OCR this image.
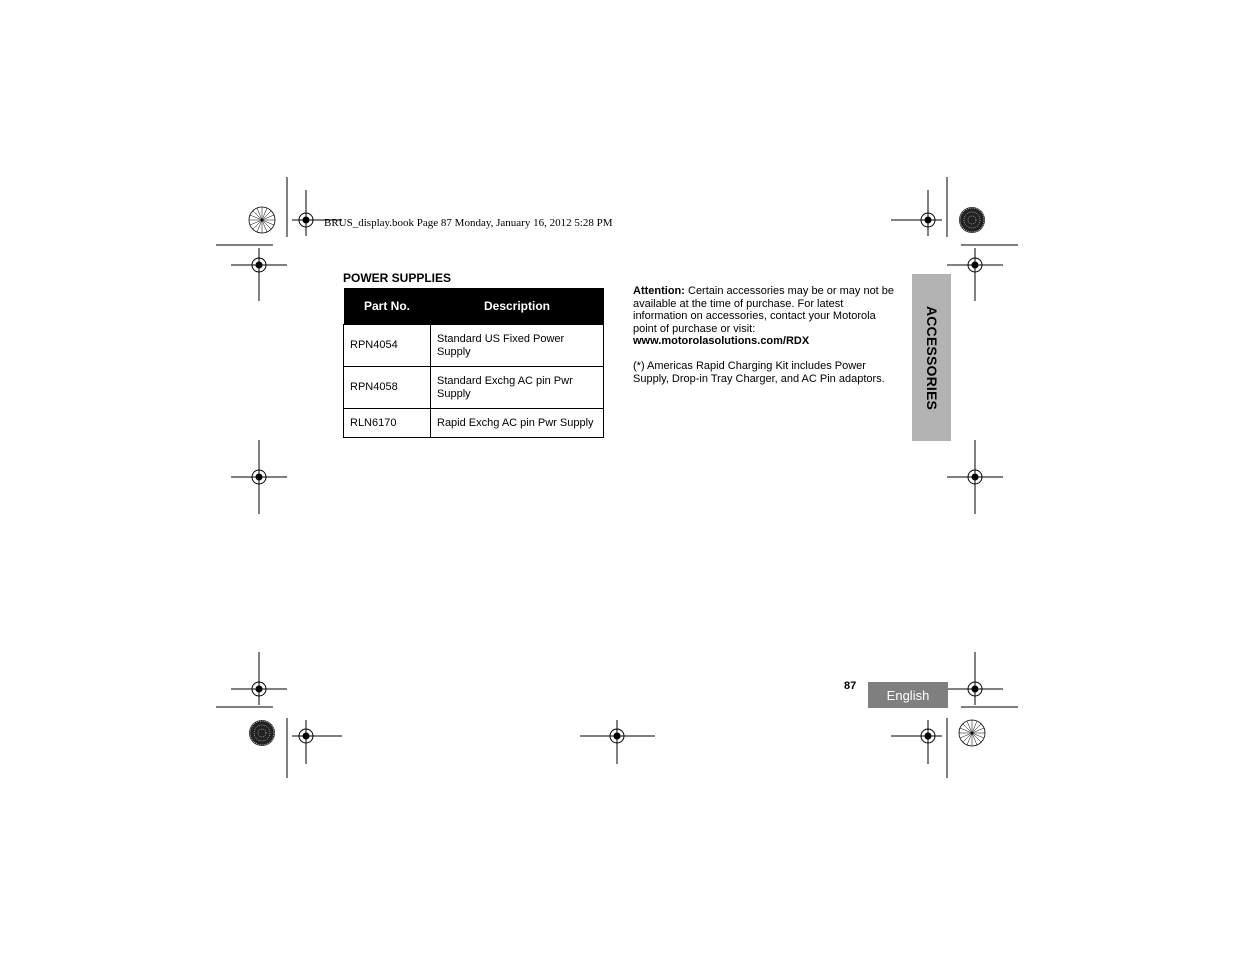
BRUS_display.book Page 87 Monday, January 16, 2012 5:28 PM
POWER SUPPLIES
Part No.	Description
RPN4054	Standard US Fixed Power Supply
RPN4058	Standard Exchg AC pin Pwr Supply
RLN6170	Rapid Exchg AC pin Pwr Supply

Attention: Certain accessories may be or may not be available at the time of purchase. For latest information on accessories, contact your Motorola point of purchase or visit:

www.motorolasolutions.com/RDX

(*) Americas Rapid Charging Kit includes Power Supply, Drop-in Tray Charger, and AC Pin adaptors.	ACCESSORIES
87
English
